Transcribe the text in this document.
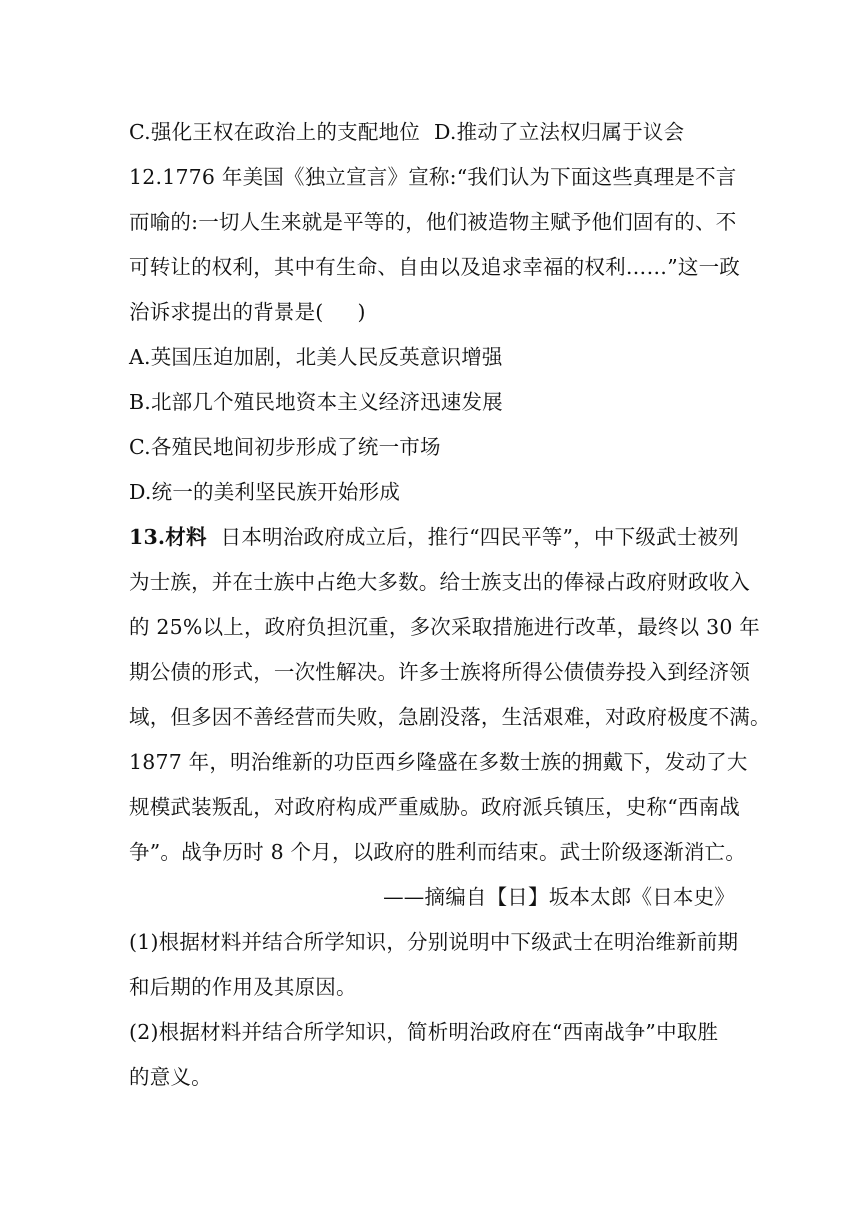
C.强化王权在政治上的支配地位 D.推动了立法权归属于议会
12.1776 年美国《独立宣言》宣称:“我们认为下面这些真理是不言
而喻的:一切人生来就是平等的，他们被造物主赋予他们固有的、不
可转让的权利，其中有生命、自由以及追求幸福的权利……”这一政
治诉求提出的背景是( )
A.英国压迫加剧，北美人民反英意识增强
B.北部几个殖民地资本主义经济迅速发展
C.各殖民地间初步形成了统一市场
D.统一的美利坚民族开始形成
13.材料 日本明治政府成立后，推行“四民平等”，中下级武士被列
为士族，并在士族中占绝大多数。给士族支出的俸禄占政府财政收入
的 25%以上，政府负担沉重，多次采取措施进行改革，最终以 30 年
期公债的形式，一次性解决。许多士族将所得公债债券投入到经济领
域，但多因不善经营而失败，急剧没落，生活艰难，对政府极度不满。
1877 年，明治维新的功臣西乡隆盛在多数士族的拥戴下，发动了大
规模武装叛乱，对政府构成严重威胁。政府派兵镇压，史称“西南战
争”。战争历时 8 个月，以政府的胜利而结束。武士阶级逐渐消亡。
——摘编自【日】坂本太郎《日本史》
(1)根据材料并结合所学知识，分别说明中下级武士在明治维新前期
和后期的作用及其原因。
(2)根据材料并结合所学知识，简析明治政府在“西南战争”中取胜
的意义。
